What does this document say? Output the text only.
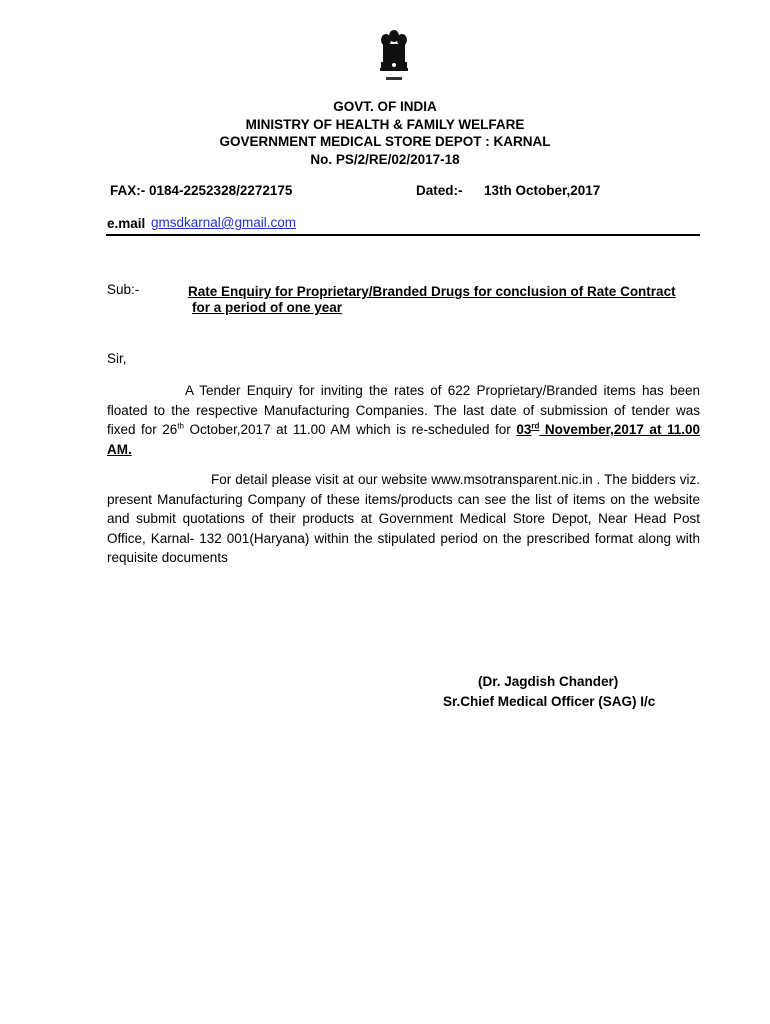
GOVT. OF INDIA
MINISTRY OF HEALTH & FAMILY WELFARE
GOVERNMENT MEDICAL STORE DEPOT : KARNAL
No. PS/2/RE/02/2017-18
FAX:- 0184-2252328/2272175	Dated:- 13th October,2017
e.mail gmsdkarnal@gmail.com
Sub:-	Rate Enquiry for Proprietary/Branded Drugs for conclusion of Rate Contract
for a period of one year
Sir,
A Tender Enquiry for inviting the rates of 622 Proprietary/Branded items has been floated to the respective Manufacturing Companies. The last date of submission of tender was fixed for 26th October,2017 at 11.00 AM which is re-scheduled for 03rd November,2017 at 11.00 AM.
For detail please visit at our website www.msotransparent.nic.in . The bidders viz. present Manufacturing Company of these items/products can see the list of items on the website and submit quotations of their products at Government Medical Store Depot, Near Head Post Office, Karnal- 132 001(Haryana) within the stipulated period on the prescribed format along with requisite documents
(Dr. Jagdish Chander)
Sr.Chief Medical Officer (SAG) I/c
